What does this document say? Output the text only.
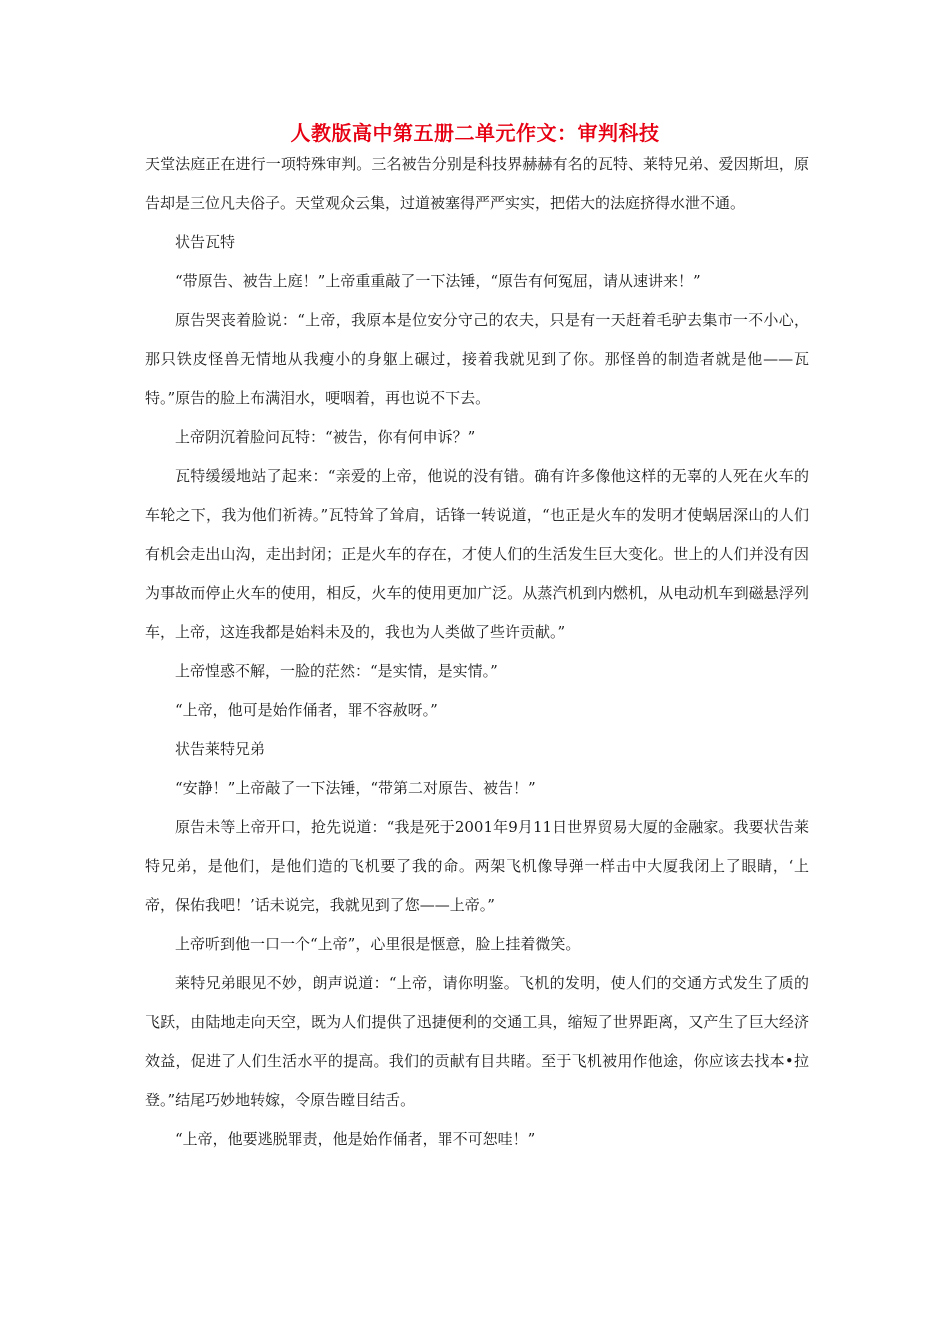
人教版高中第五册二单元作文：审判科技

天堂法庭正在进行一项特殊审判。三名被告分别是科技界赫赫有名的瓦特、莱特兄弟、爱因斯坦，原告却是三位凡夫俗子。天堂观众云集，过道被塞得严严实实，把偌大的法庭挤得水泄不通。

状告瓦特

“带原告、被告上庭！”上帝重重敲了一下法锤，“原告有何冤屈，请从速讲来！”

原告哭丧着脸说：“上帝，我原本是位安分守己的农夫，只是有一天赶着毛驴去集市一不小心，那只铁皮怪兽无情地从我瘦小的身躯上碾过，接着我就见到了你。那怪兽的制造者就是他——瓦特。”原告的脸上布满泪水，哽咽着，再也说不下去。

上帝阴沉着脸问瓦特：“被告，你有何申诉？”

瓦特缓缓地站了起来：“亲爱的上帝，他说的没有错。确有许多像他这样的无辜的人死在火车的车轮之下，我为他们祈祷。”瓦特耸了耸肩，话锋一转说道，“也正是火车的发明才使蜗居深山的人们有机会走出山沟，走出封闭；正是火车的存在，才使人们的生活发生巨大变化。世上的人们并没有因为事故而停止火车的使用，相反，火车的使用更加广泛。从蒸汽机到内燃机，从电动机车到磁悬浮列车，上帝，这连我都是始料未及的，我也为人类做了些许贡献。”

上帝惶惑不解，一脸的茫然：“是实情，是实情。”

“上帝，他可是始作俑者，罪不容赦呀。”

状告莱特兄弟

“安静！”上帝敲了一下法锤，“带第二对原告、被告！”

原告未等上帝开口，抢先说道：“我是死于2001年9月11日世界贸易大厦的金融家。我要状告莱特兄弟，是他们，是他们造的飞机要了我的命。两架飞机像导弹一样击中大厦我闭上了眼睛，‘上帝，保佑我吧！’话未说完，我就见到了您——上帝。”

上帝听到他一口一个“上帝”，心里很是惬意，脸上挂着微笑。

莱特兄弟眼见不妙，朗声说道：“上帝，请你明鉴。飞机的发明，使人们的交通方式发生了质的飞跃，由陆地走向天空，既为人们提供了迅捷便利的交通工具，缩短了世界距离，又产生了巨大经济效益，促进了人们生活水平的提高。我们的贡献有目共睹。至于飞机被用作他途，你应该去找本•拉登。”结尾巧妙地转嫁，令原告瞠目结舌。

“上帝，他要逃脱罪责，他是始作俑者，罪不可恕哇！”
